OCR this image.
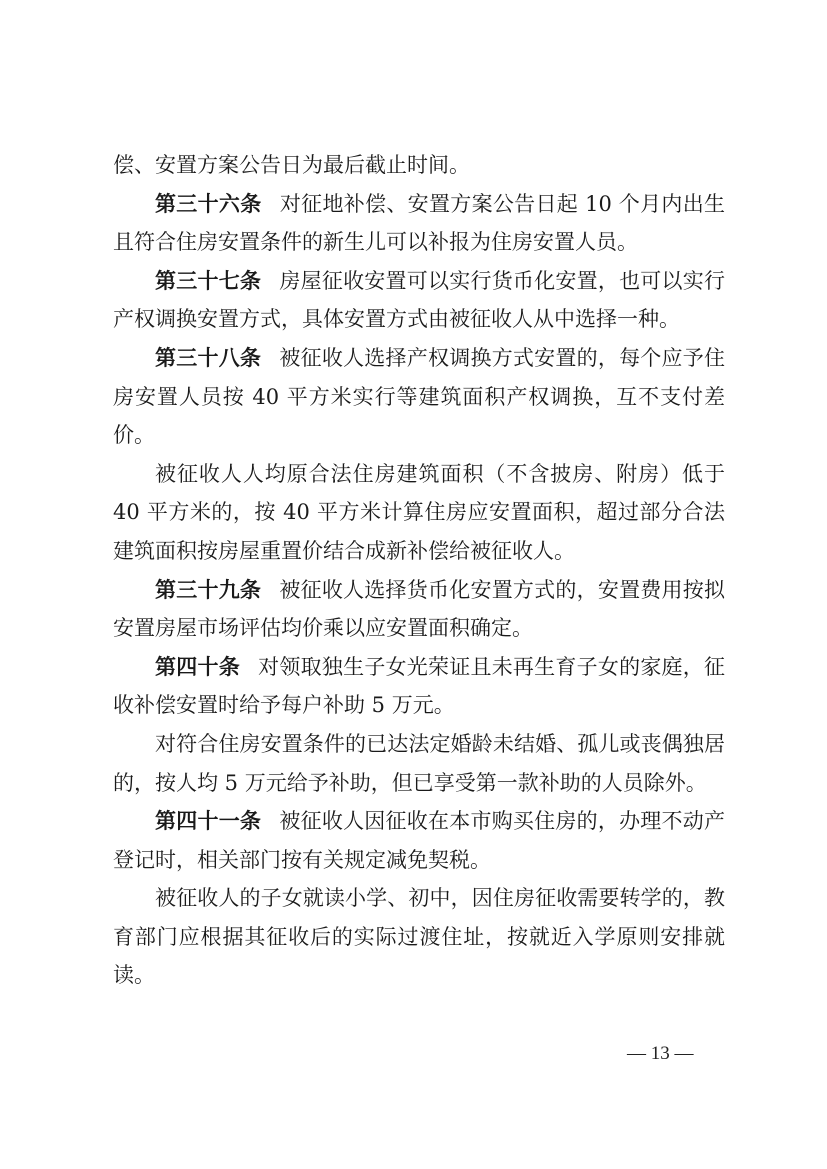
偿、安置方案公告日为最后截止时间。

第三十六条 对征地补偿、安置方案公告日起 10 个月内出生且符合住房安置条件的新生儿可以补报为住房安置人员。

第三十七条 房屋征收安置可以实行货币化安置，也可以实行产权调换安置方式，具体安置方式由被征收人从中选择一种。

第三十八条 被征收人选择产权调换方式安置的，每个应予住房安置人员按 40 平方米实行等建筑面积产权调换，互不支付差价。

被征收人人均原合法住房建筑面积（不含披房、附房）低于 40 平方米的，按 40 平方米计算住房应安置面积，超过部分合法建筑面积按房屋重置价结合成新补偿给被征收人。

第三十九条 被征收人选择货币化安置方式的，安置费用按拟安置房屋市场评估均价乘以应安置面积确定。

第四十条 对领取独生子女光荣证且未再生育子女的家庭，征收补偿安置时给予每户补助 5 万元。

对符合住房安置条件的已达法定婚龄未结婚、孤儿或丧偶独居的，按人均 5 万元给予补助，但已享受第一款补助的人员除外。

第四十一条 被征收人因征收在本市购买住房的，办理不动产登记时，相关部门按有关规定减免契税。

被征收人的子女就读小学、初中，因住房征收需要转学的，教育部门应根据其征收后的实际过渡住址，按就近入学原则安排就读。

— 13 —
